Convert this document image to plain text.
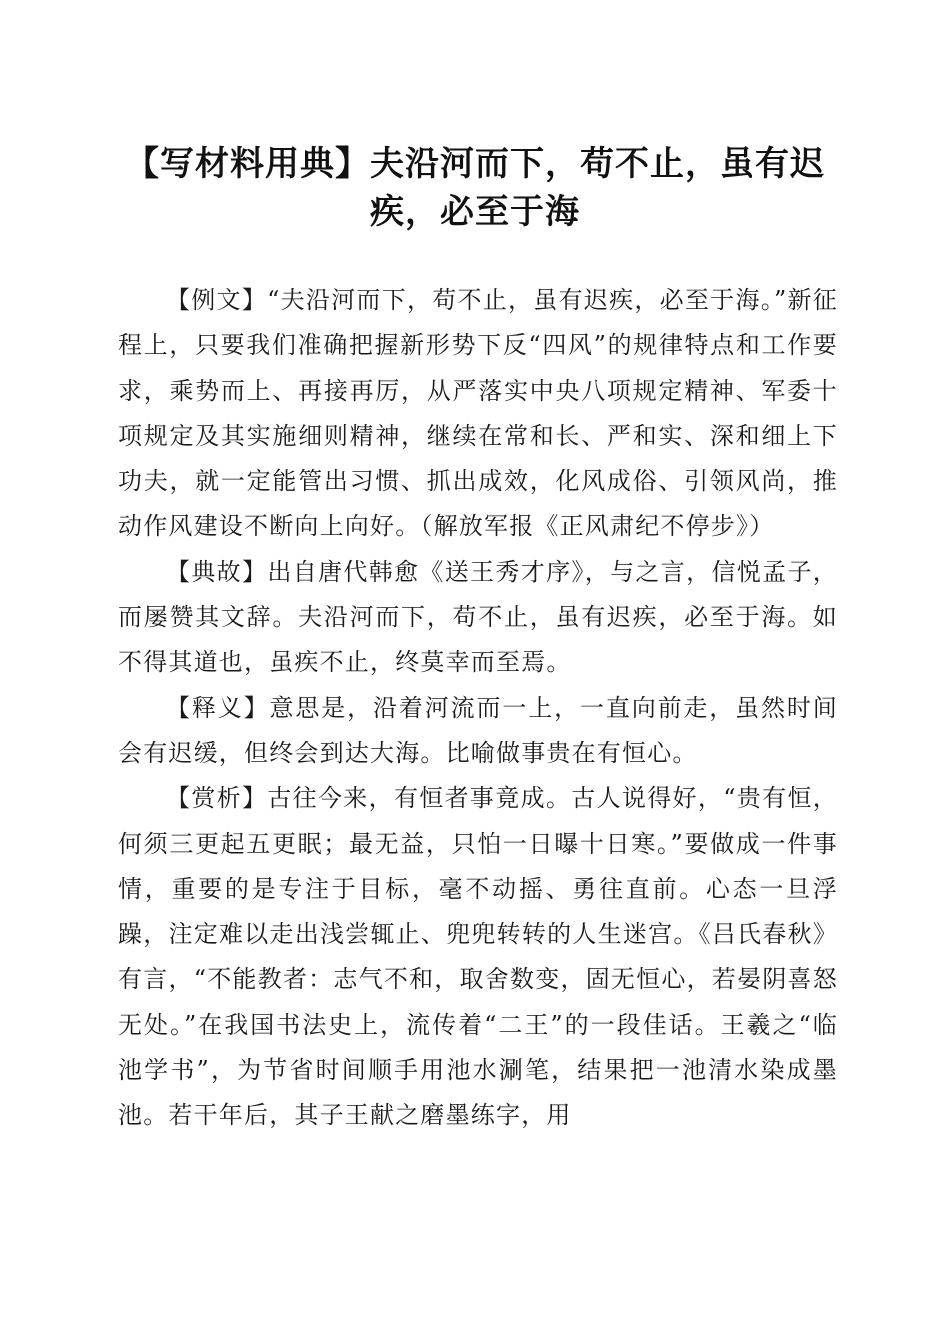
【写材料用典】夫沿河而下，苟不止，虽有迟疾，必至于海

【例文】“夫沿河而下，苟不止，虽有迟疾，必至于海。”新征程上，只要我们准确把握新形势下反“四风”的规律特点和工作要求，乘势而上、再接再厉，从严落实中央八项规定精神、军委十项规定及其实施细则精神，继续在常和长、严和实、深和细上下功夫，就一定能管出习惯、抓出成效，化风成俗、引领风尚，推动作风建设不断向上向好。（解放军报《正风肃纪不停步》）

【典故】出自唐代韩愈《送王秀才序》，与之言，信悦孟子，而屡赞其文辞。夫沿河而下，苟不止，虽有迟疾，必至于海。如不得其道也，虽疾不止，终莫幸而至焉。

【释义】意思是，沿着河流而一上，一直向前走，虽然时间会有迟缓，但终会到达大海。比喻做事贵在有恒心。

【赏析】古往今来，有恒者事竟成。古人说得好，“贵有恒，何须三更起五更眠；最无益，只怕一日曝十日寒。”要做成一件事情，重要的是专注于目标，毫不动摇、勇往直前。心态一旦浮躁，注定难以走出浅尝辄止、兜兜转转的人生迷宫。《吕氏春秋》有言，“不能教者：志气不和，取舍数变，固无恒心，若晏阴喜怒无处。”在我国书法史上，流传着“二王”的一段佳话。王羲之“临池学书”，为节省时间顺手用池水涮笔，结果把一池清水染成墨池。若干年后，其子王献之磨墨练字，用
